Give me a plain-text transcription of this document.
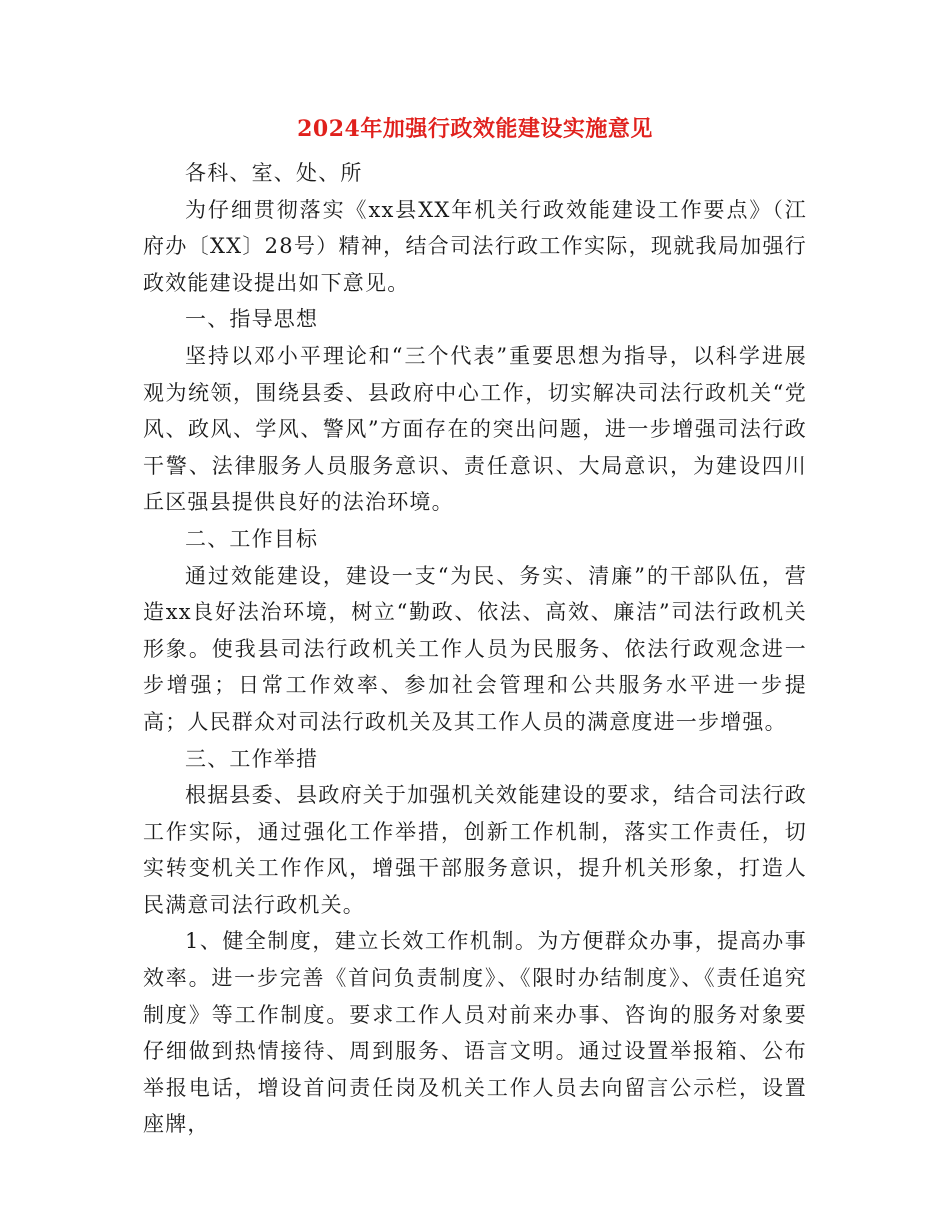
2024年加强行政效能建设实施意见

各科、室、处、所

为仔细贯彻落实《xx县XX年机关行政效能建设工作要点》（江府办〔XX〕28号）精神，结合司法行政工作实际，现就我局加强行政效能建设提出如下意见。

一、指导思想

坚持以邓小平理论和“三个代表”重要思想为指导，以科学进展观为统领，围绕县委、县政府中心工作，切实解决司法行政机关“党风、政风、学风、警风”方面存在的突出问题，进一步增强司法行政干警、法律服务人员服务意识、责任意识、大局意识，为建设四川丘区强县提供良好的法治环境。

二、工作目标

通过效能建设，建设一支“为民、务实、清廉”的干部队伍，营造xx良好法治环境，树立“勤政、依法、高效、廉洁”司法行政机关形象。使我县司法行政机关工作人员为民服务、依法行政观念进一步增强；日常工作效率、参加社会管理和公共服务水平进一步提高；人民群众对司法行政机关及其工作人员的满意度进一步增强。

三、工作举措

根据县委、县政府关于加强机关效能建设的要求，结合司法行政工作实际，通过强化工作举措，创新工作机制，落实工作责任，切实转变机关工作作风，增强干部服务意识，提升机关形象，打造人民满意司法行政机关。

1、健全制度，建立长效工作机制。为方便群众办事，提高办事效率。进一步完善《首问负责制度》、《限时办结制度》、《责任追究制度》等工作制度。要求工作人员对前来办事、咨询的服务对象要仔细做到热情接待、周到服务、语言文明。通过设置举报箱、公布举报电话，增设首问责任岗及机关工作人员去向留言公示栏，设置座牌，
